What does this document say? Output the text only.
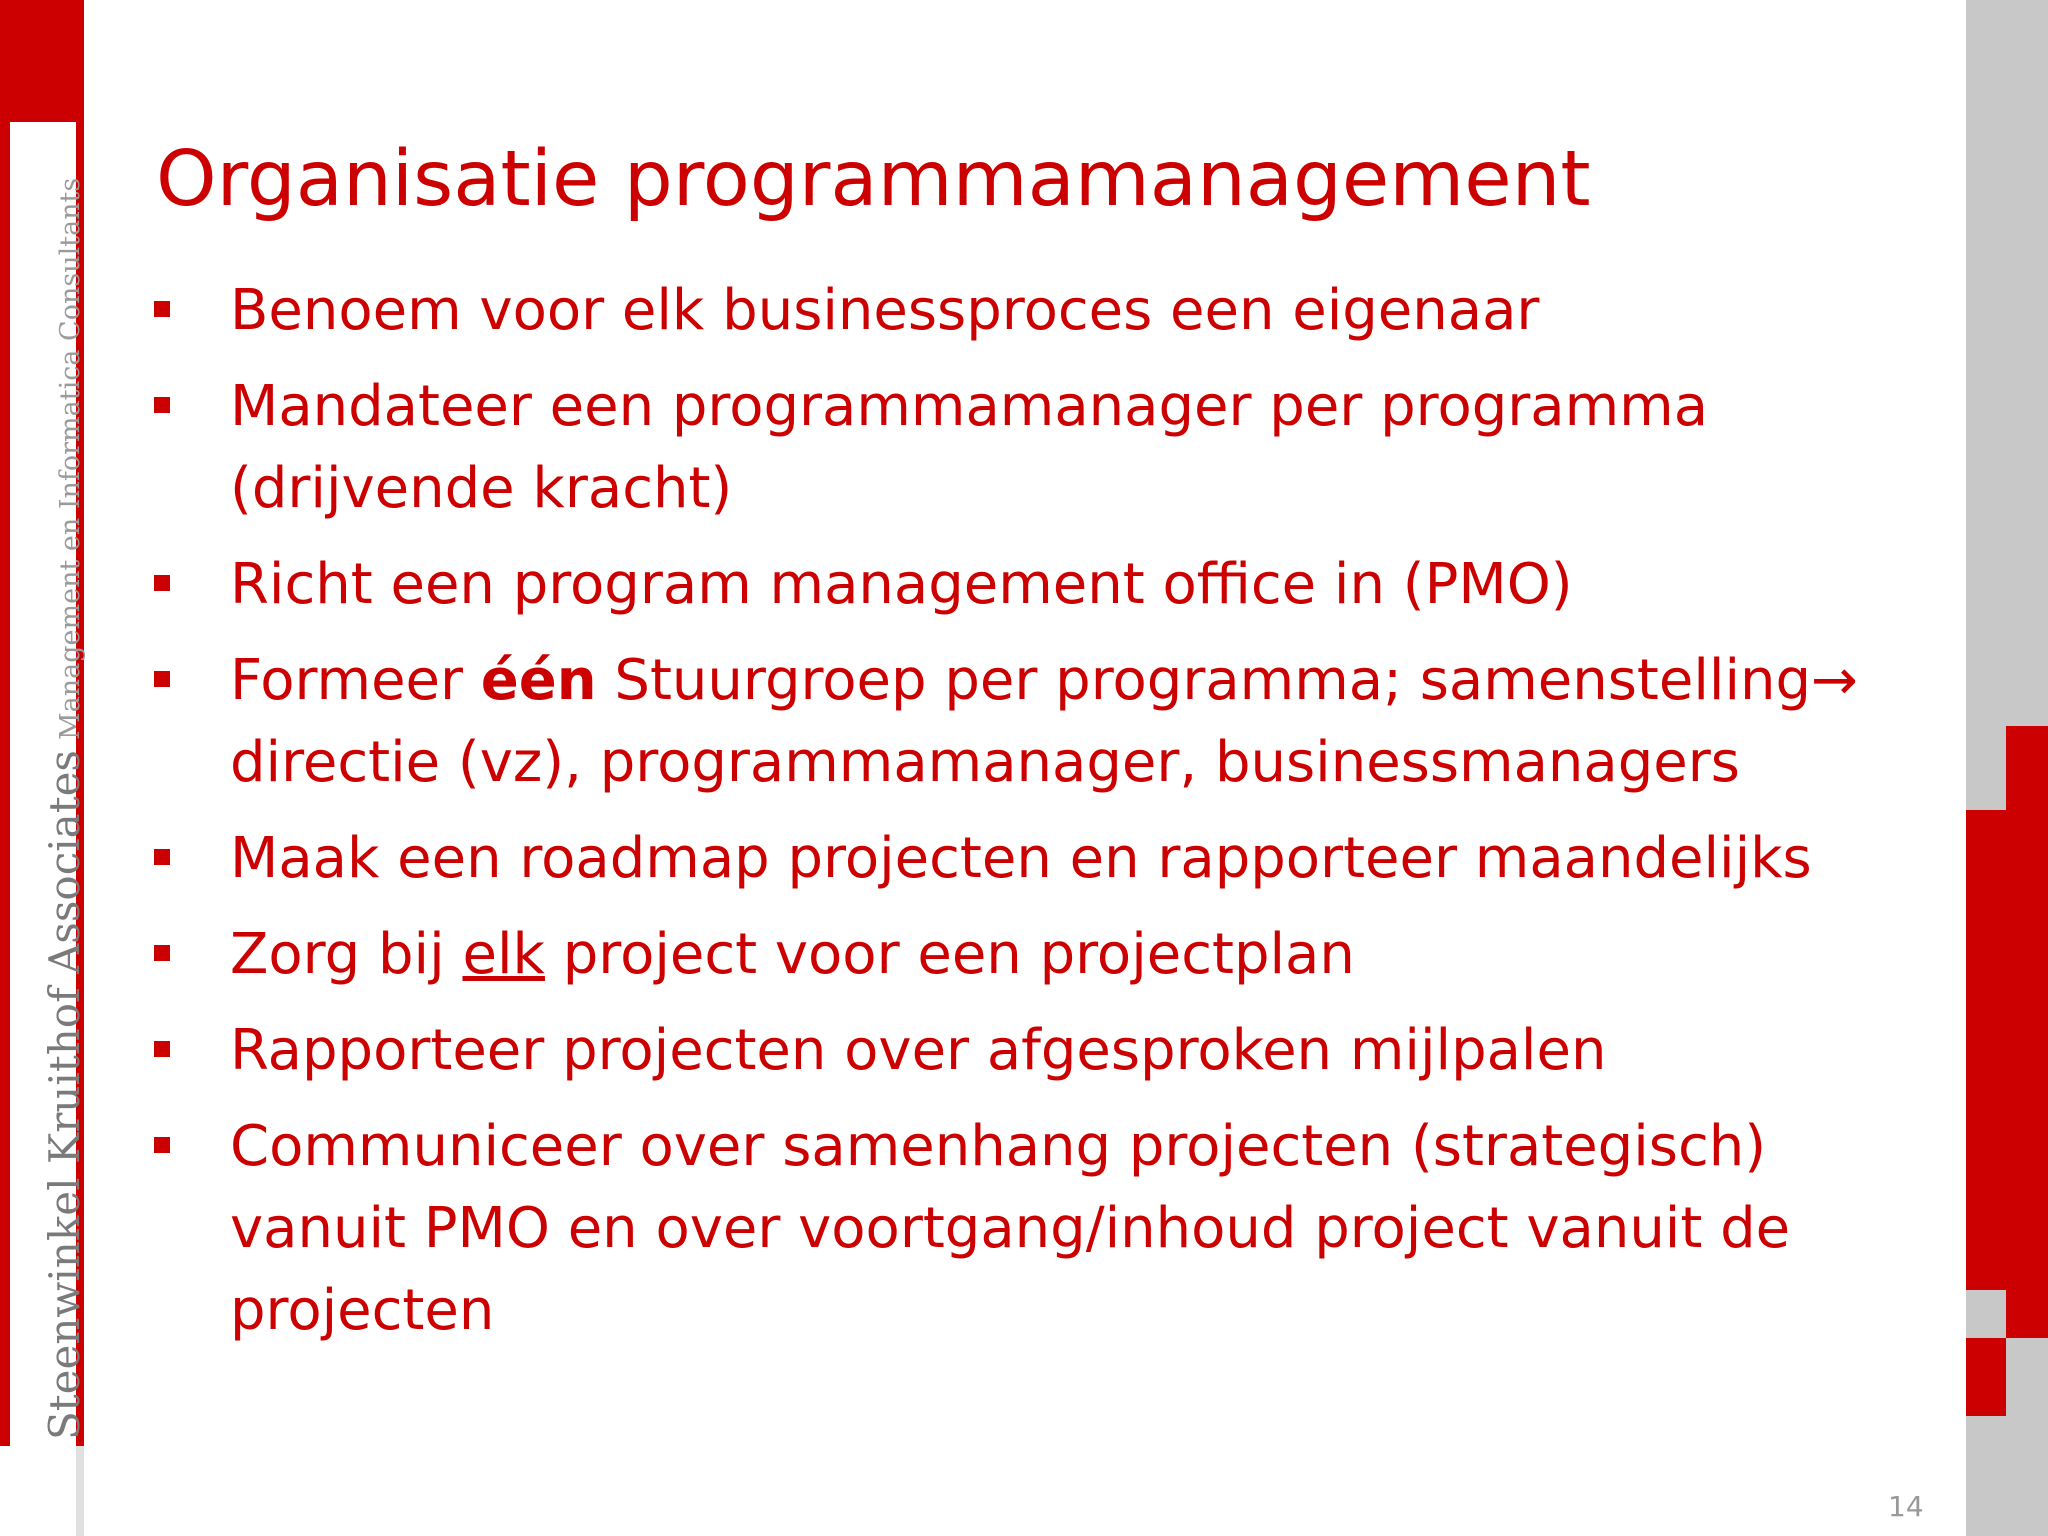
Steenwinkel Kruithof AssociatesManagement en Informatica Consultants Organisatie programmamanagement
Benoem voor elk businessproces een eigenaar
Mandateer een programmamanager per programma (drijvende kracht)
Richt een program management office in (PMO)
Formeer één Stuurgroep per programma; samenstelling→ directie (vz), programmamanager, businessmanagers
Maak een roadmap projecten en rapporteer maandelijks
Zorg bij elk project voor een projectplan
Rapporteer projecten over afgesproken mijlpalen
Communiceer over samenhang projecten (strategisch) vanuit PMO en over voortgang/inhoud project vanuit de projecten
14
